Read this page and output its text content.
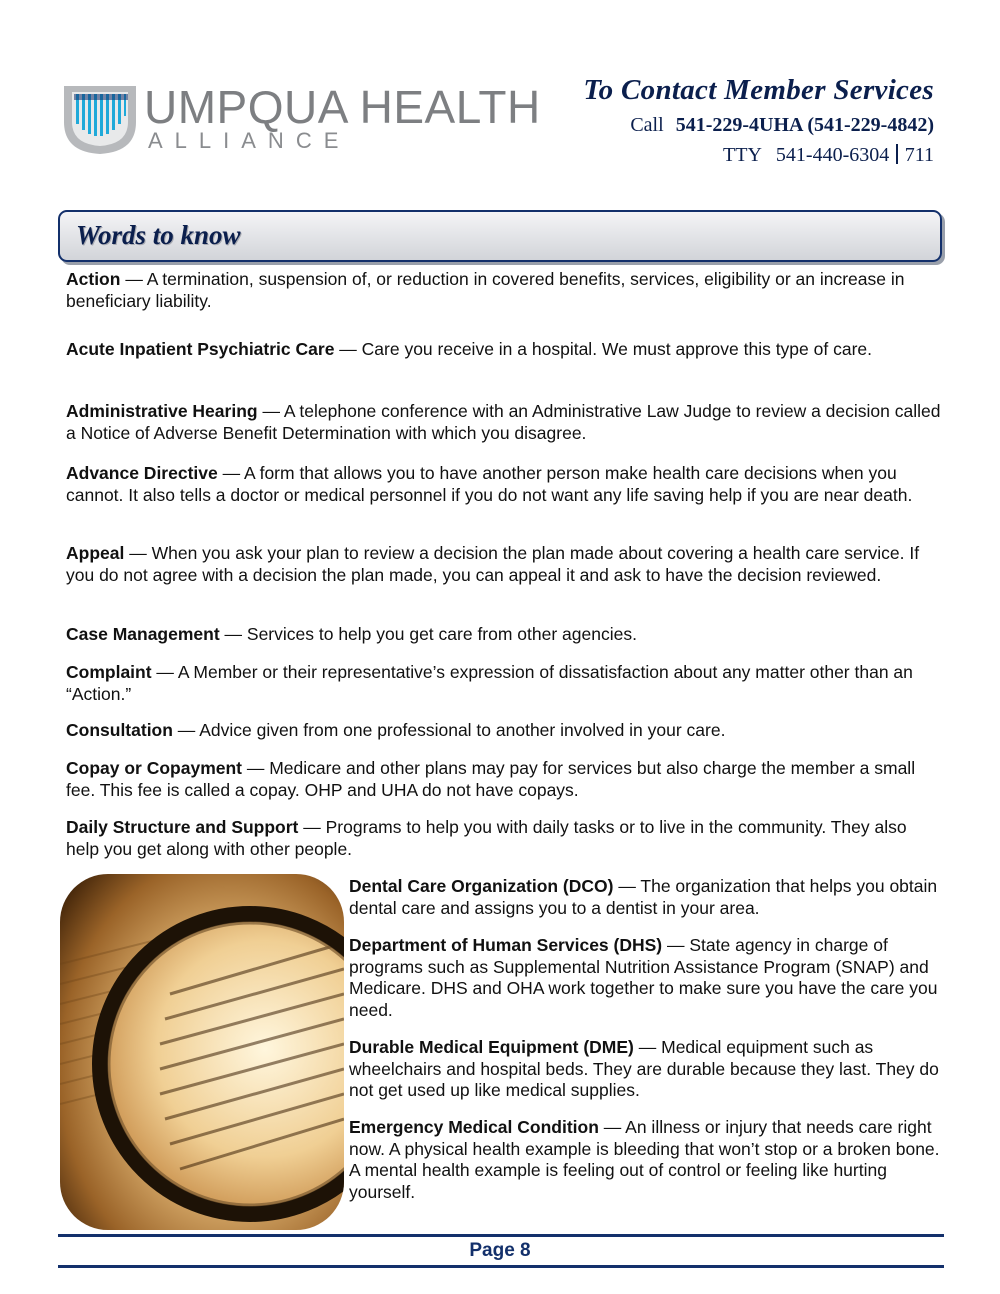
UMPQUA HEALTH
ALLIANCE
To Contact Member Services
Call 541-229-4UHA (541-229-4842)
TTY 541-440-6304 711
Words to know
Action — A termination, suspension of, or reduction in covered benefits, services, eligibility or an increase in beneficiary liability.
Acute Inpatient Psychiatric Care — Care you receive in a hospital. We must approve this type of care.
Administrative Hearing — A telephone conference with an Administrative Law Judge to review a decision called a Notice of Adverse Benefit Determination with which you disagree.
Advance Directive — A form that allows you to have another person make health care decisions when you cannot. It also tells a doctor or medical personnel if you do not want any life saving help if you are near death.
Appeal — When you ask your plan to review a decision the plan made about covering a health care service. If you do not agree with a decision the plan made, you can appeal it and ask to have the decision reviewed.
Case Management — Services to help you get care from other agencies.
Complaint — A Member or their representative’s expression of dissatisfaction about any matter other than an “Action.”
Consultation — Advice given from one professional to another involved in your care.
Copay or Copayment — Medicare and other plans may pay for services but also charge the member a small fee. This fee is called a copay. OHP and UHA do not have copays.
Daily Structure and Support — Programs to help you with daily tasks or to live in the community. They also help you get along with other people.
Dental Care Organization (DCO) — The organization that helps you obtain dental care and assigns you to a dentist in your area.
Department of Human Services (DHS) — State agency in charge of programs such as Supplemental Nutrition Assistance Program (SNAP) and Medicare. DHS and OHA work together to make sure you have the care you need.
Durable Medical Equipment (DME) — Medical equipment such as wheelchairs and hospital beds. They are durable because they last. They do not get used up like medical supplies.
Emergency Medical Condition — An illness or injury that needs care right now. A physical health example is bleeding that won’t stop or a broken bone. A mental health example is feeling out of control or feeling like hurting yourself.
Page 8
